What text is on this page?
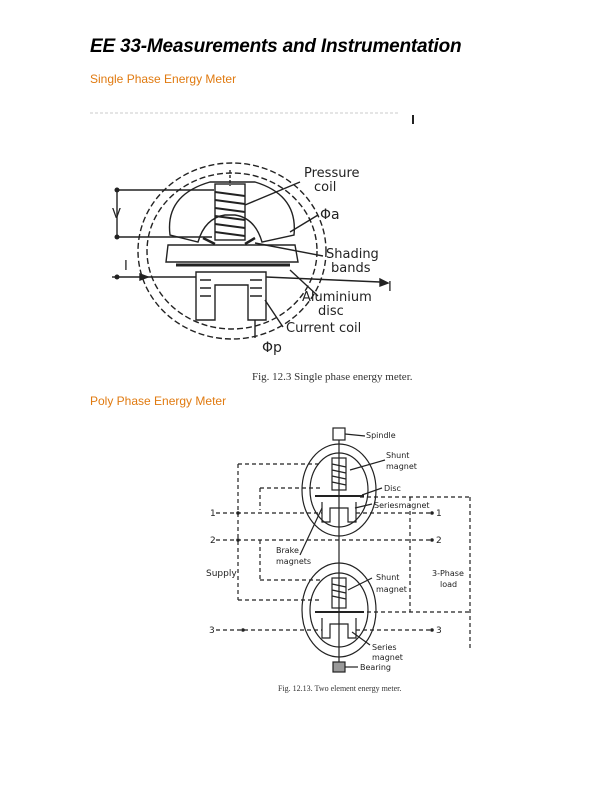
EE 33-Measurements and Instrumentation
Single Phase Energy Meter
Pressure
coil
Φa
Shading
bands
Aluminium
disc
Current coil
Φp
V
I
I
Fig. 12.3 Single phase energy meter.
Poly Phase Energy Meter
Spindle
Shunt
magnet
Disc
Seriesmagnet
Brake
magnets
Supply	3-Phase
load
Shunt
magnet
Series
magnet
Bearing
1
2
3
1
2
3
Fig. 12.13. Two element energy meter.
